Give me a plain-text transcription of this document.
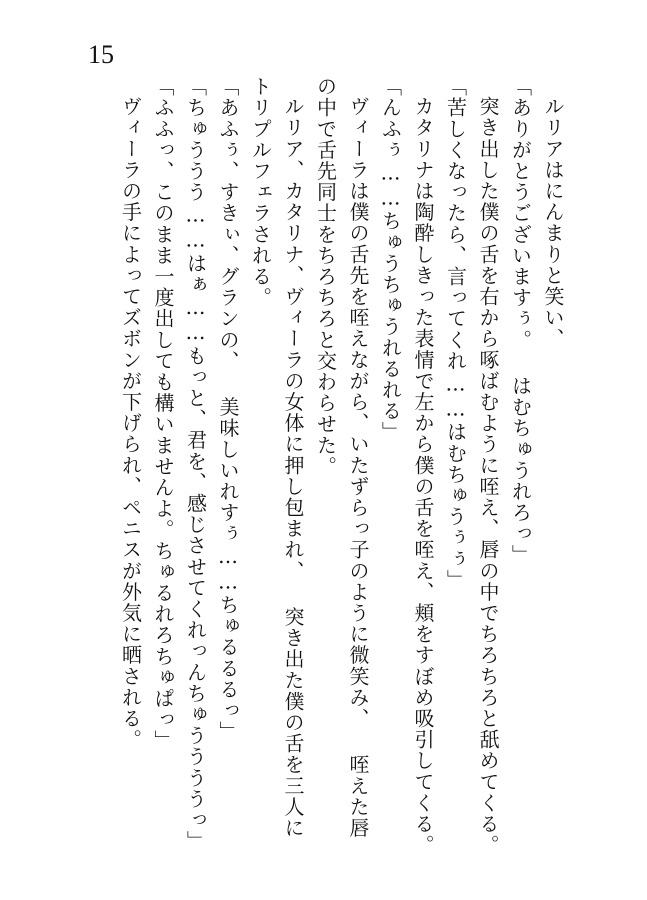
15

ルリアはにんまりと笑い、

「ありがとうございますぅ。 はむちゅうれろっ」

突き出した僕の舌を右から啄ばむように咥え、唇の中でちろちろと舐めてくる。

「苦しくなったら、言ってくれ……はむちゅうぅぅ」

カタリナは陶酔しきった表情で左から僕の舌を咥え、頬をすぼめ吸引してくる。

「んふぅ……ちゅうちゅうれるれる」

ヴィーラは僕の舌先を咥えながら、いたずらっ子のように微笑み、 咥えた唇の中で舌先同士をちろちろと交わらせた。

ルリア、カタリナ、ヴィーラの女体に押し包まれ、 突き出た僕の舌を三人にトリプルフェラされる。

「あふぅ、すきぃ、グランの、 美味しいれすぅ……ちゅるるるっ」

「ちゅううう……はぁ……もっと、君を、感じさせてくれっんちゅううううっ」

「ふふっ、このまま一度出しても構いませんよ。ちゅるれろちゅぱっ」

ヴィーラの手によってズボンが下げられ、ペニスが外気に晒される。
